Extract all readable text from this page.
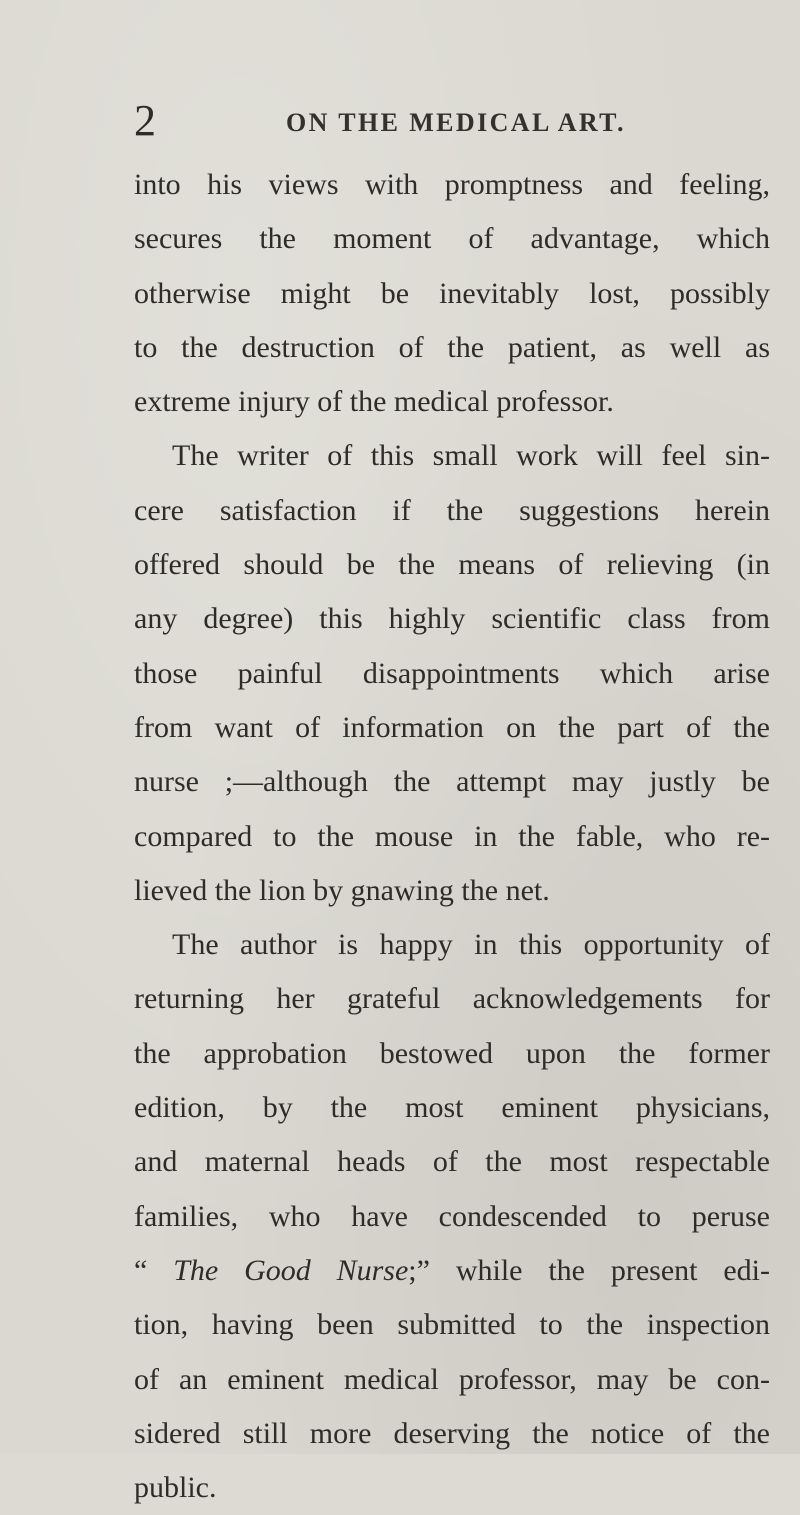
2	ON THE MEDICAL ART.
into his views with promptness and feeling,
secures the moment of advantage, which
otherwise might be inevitably lost, possibly
to the destruction of the patient, as well as
extreme injury of the medical professor.
The writer of this small work will feel sin-
cere satisfaction if the suggestions herein
offered should be the means of relieving (in
any degree) this highly scientific class from
those painful disappointments which arise
from want of information on the part of the
nurse ;—although the attempt may justly be
compared to the mouse in the fable, who re-
lieved the lion by gnawing the net.
The author is happy in this opportunity of
returning her grateful acknowledgements for
the approbation bestowed upon the former
edition, by the most eminent physicians,
and maternal heads of the most respectable
families, who have condescended to peruse
“ The Good Nurse;” while the present edi-
tion, having been submitted to the inspection
of an eminent medical professor, may be con-
sidered still more deserving the notice of the
public.
